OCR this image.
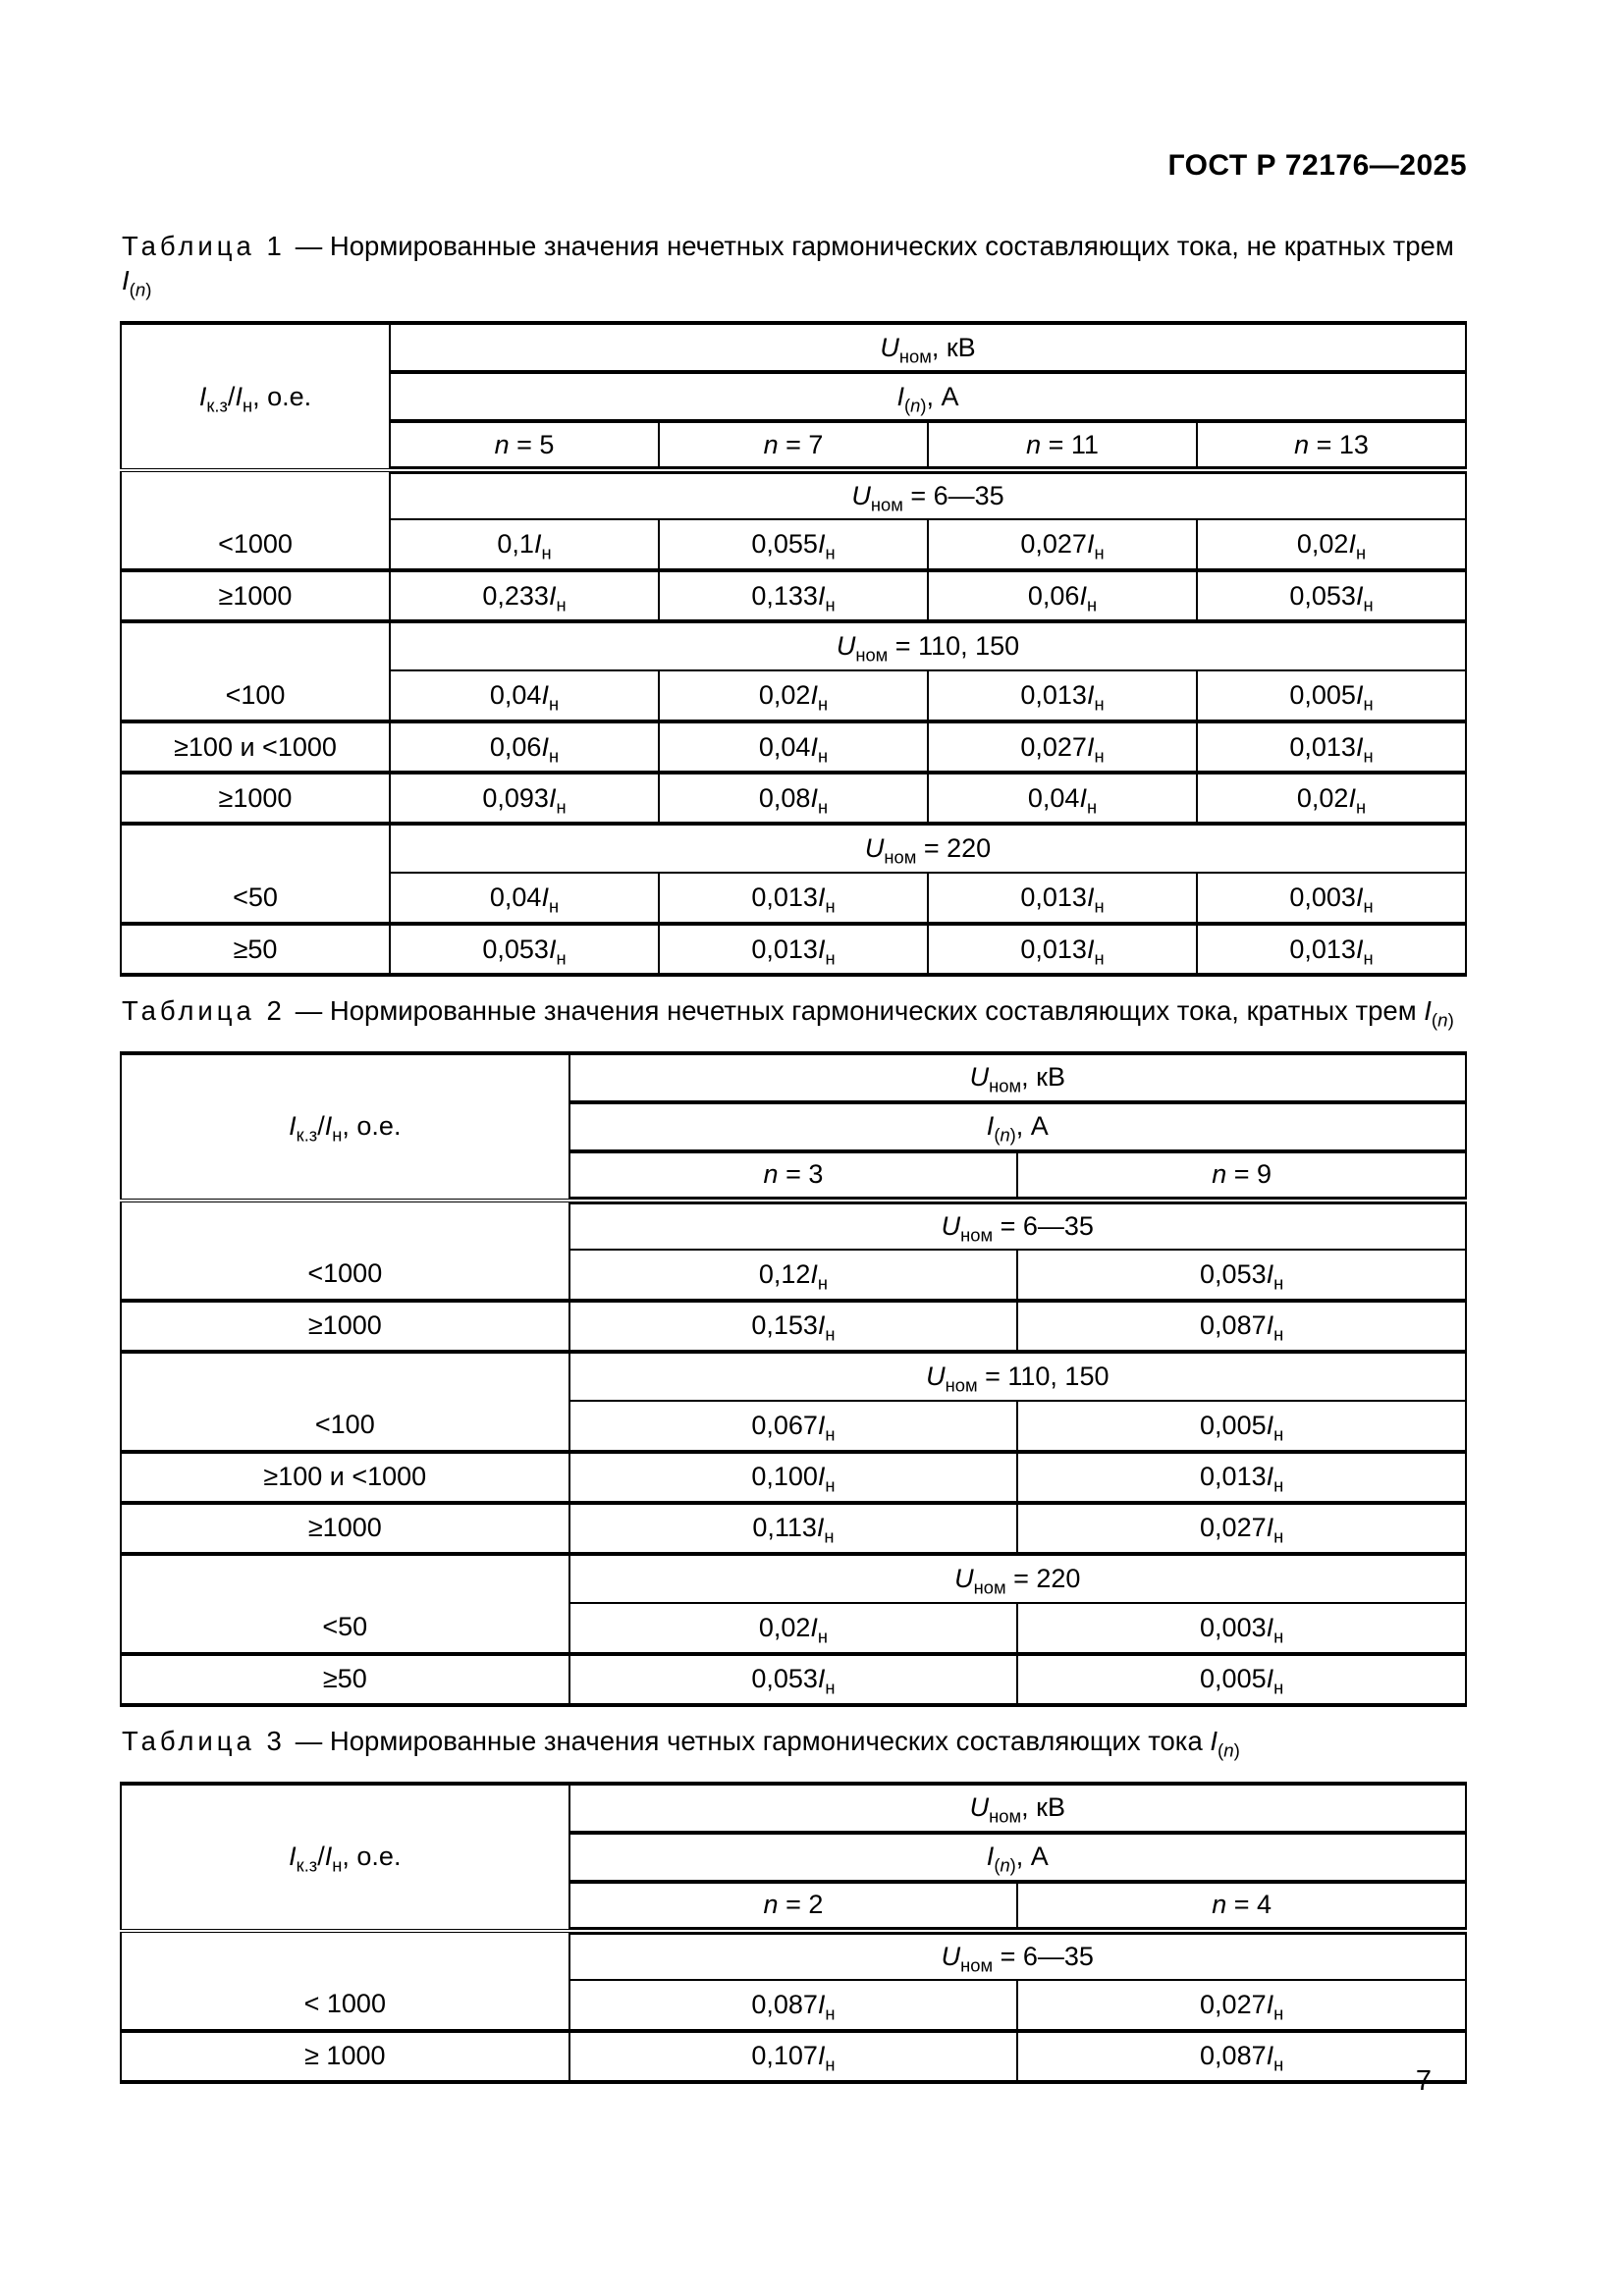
ГОСТ Р 72176—2025
Таблица 1 — Нормированные значения нечетных гармонических составляющих тока, не кратных трем $I_{(n)}$
$I_{к.з}/I_н$, о.е.	$U_{ном}$, кВ			
	$I_{(n)}$, А			
	n = 5	n = 7	n = 11	n = 13
	$U_{ном}$ = 6—35			
<1000	$0,1I_н$	$0,055I_н$	$0,027I_н$	$0,02I_н$
≥1000	$0,233I_н$	$0,133I_н$	$0,06I_н$	$0,053I_н$
	$U_{ном} = 110$, 150			
<100	$0,04I_н$	$0,02I_н$	$0,013I_н$	$0,005I_н$
≥100 и <1000	$0,06I_н$	$0,04I_н$	$0,027I_н$	$0,013I_н$
≥1000	$0,093I_н$	$0,08I_н$	$0,04I_н$	$0,02I_н$
	$U_{ном} = 220$			
<50	$0,04I_н$	$0,013I_н$	$0,013I_н$	$0,003I_н$
≥50	$0,053I_н$	$0,013I_н$	$0,013I_н$	$0,013I_н$
Таблица 2 — Нормированные значения нечетных гармонических составляющих тока, кратных трем $I_{(n)}$
$I_{к.з}/I_н$, о.е.	$U_{ном}$, кВ	
	$I_{(n)}$, А	
	n = 3	n = 9
	$U_{ном}$ = 6—35	
<1000	$0,12I_н$	$0,053I_н$
≥1000	$0,153I_н$	$0,087I_н$
	$U_{ном} = 110$, 150	
<100	$0,067I_н$	$0,005I_н$
≥100 и <1000	$0,100I_н$	$0,013I_н$
≥1000	$0,113I_н$	$0,027I_н$
	$U_{ном} = 220$	
<50	$0,02I_н$	$0,003I_н$
≥50	$0,053I_н$	$0,005I_н$
Таблица 3 — Нормированные значения четных гармонических составляющих тока $I_{(n)}$
$I_{к.з}/I_н$, о.е.	$U_{ном}$, кВ	
	$I_{(n)}$, А	
	n = 2	n = 4
	$U_{ном}$ = 6—35	
< 1000	$0,087I_н$	$0,027I_н$
≥ 1000	$0,107I_н$	$0,087I_н$
7
